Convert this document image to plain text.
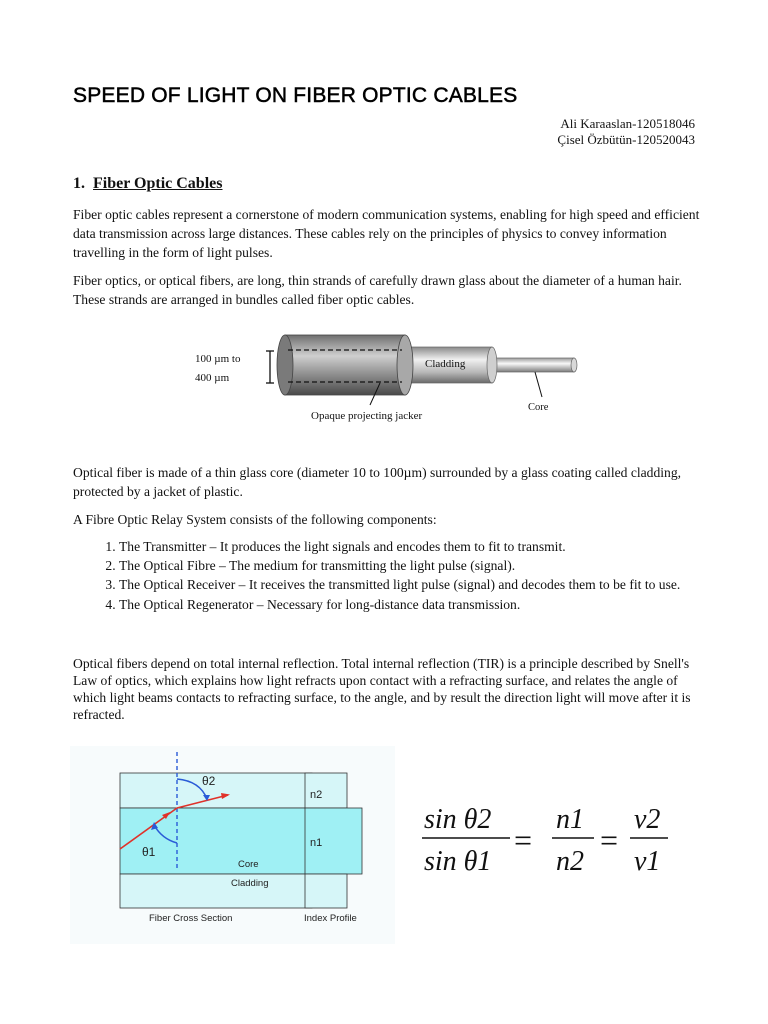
SPEED OF LIGHT ON FIBER OPTIC CABLES
Ali Karaaslan-120518046
Çisel Özbütün-120520043
1. Fiber Optic Cables

Fiber optic cables represent a cornerstone of modern communication systems, enabling for high speed and efficient data transmission across large distances. These cables rely on the principles of physics to convey information travelling in the form of light pulses.

Fiber optics, or optical fibers, are long, thin strands of carefully drawn glass about the diameter of a human hair. These strands are arranged in bundles called fiber optic cables.

100 µm to
400 µm
Cladding
Core
Opaque projecting jacker

Optical fiber is made of a thin glass core (diameter 10 to 100µm) surrounded by a glass coating called cladding, protected by a jacket of plastic.

A Fibre Optic Relay System consists of the following components:

1. The Transmitter – It produces the light signals and encodes them to fit to transmit.
2. The Optical Fibre – The medium for transmitting the light pulse (signal).
3. The Optical Receiver – It receives the transmitted light pulse (signal) and decodes them to be fit to use.
4. The Optical Regenerator – Necessary for long-distance data transmission.

Optical fibers depend on total internal reflection. Total internal reflection (TIR) is a principle described by Snell's Law of optics, which explains how light refracts upon contact with a refracting surface, and relates the angle of which light beams contacts to refracting surface, to the angle, and by result the direction light will move after it is refracted.

θ2
θ1
Core
Cladding
Fiber Cross Section
n2
n1
Index Profile
sin θ2
sin θ1
=
n1
n2
=
v2
v1
